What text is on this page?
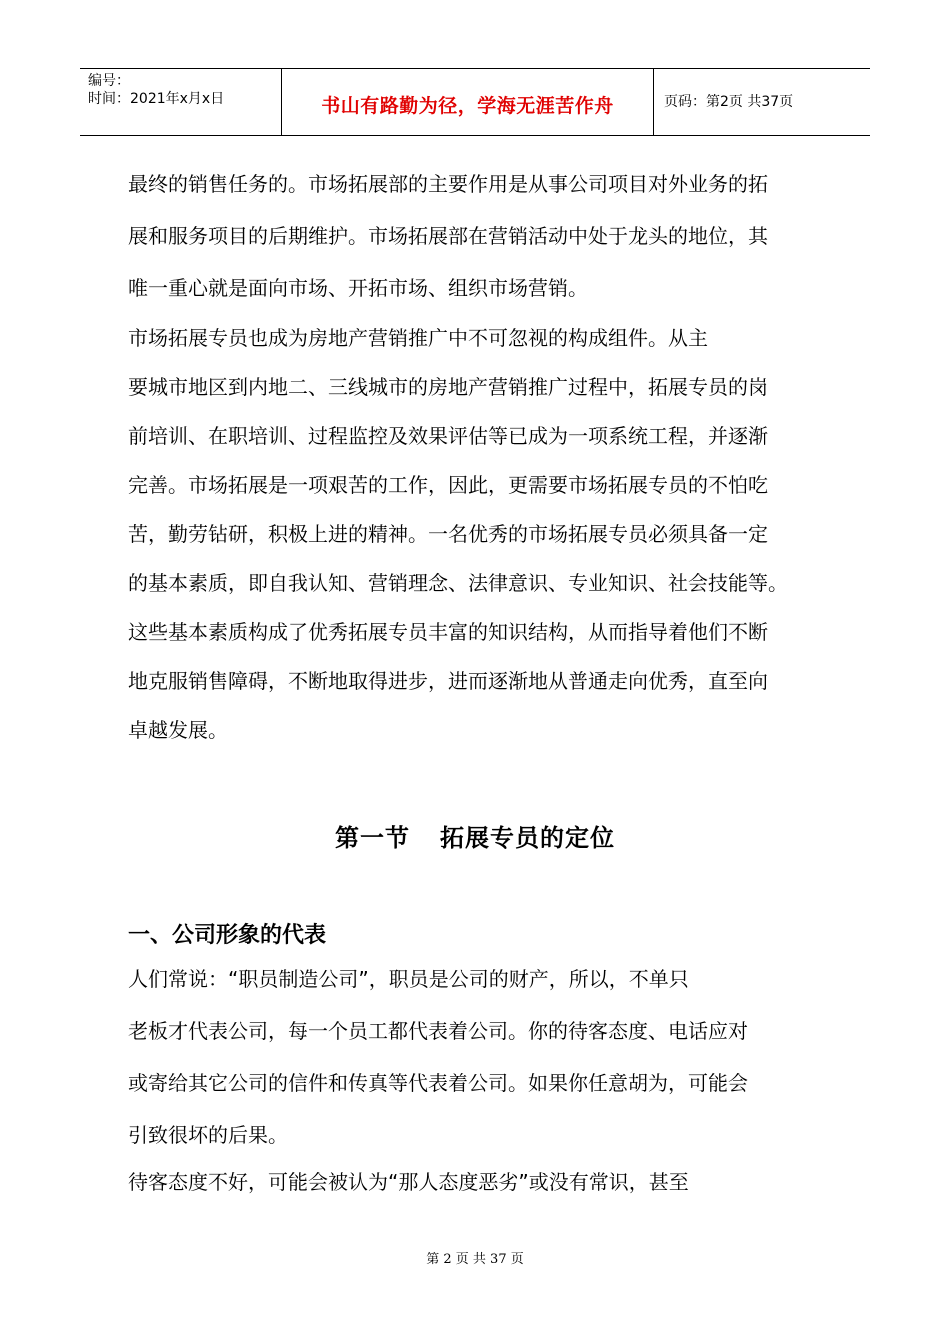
编号：
时间：2021年x月x日	书山有路勤为径，学海无涯苦作舟	页码：第2页 共37页
最终的销售任务的。市场拓展部的主要作用是从事公司项目对外业务的拓
展和服务项目的后期维护。市场拓展部在营销活动中处于龙头的地位，其
唯一重心就是面向市场、开拓市场、组织市场营销。
市场拓展专员也成为房地产营销推广中不可忽视的构成组件。从主
要城市地区到内地二、三线城市的房地产营销推广过程中，拓展专员的岗
前培训、在职培训、过程监控及效果评估等已成为一项系统工程，并逐渐
完善。市场拓展是一项艰苦的工作，因此，更需要市场拓展专员的不怕吃
苦，勤劳钻研，积极上进的精神。一名优秀的市场拓展专员必须具备一定
的基本素质，即自我认知、营销理念、法律意识、专业知识、社会技能等。
这些基本素质构成了优秀拓展专员丰富的知识结构，从而指导着他们不断
地克服销售障碍，不断地取得进步，进而逐渐地从普通走向优秀，直至向
卓越发展。
第一节 拓展专员的定位
一、公司形象的代表
人们常说：“职员制造公司”，职员是公司的财产，所以，不单只
老板才代表公司，每一个员工都代表着公司。你的待客态度、电话应对
或寄给其它公司的信件和传真等代表着公司。如果你任意胡为，可能会
引致很坏的后果。
待客态度不好，可能会被认为“那人态度恶劣”或没有常识，甚至
第 2 页 共 37 页
